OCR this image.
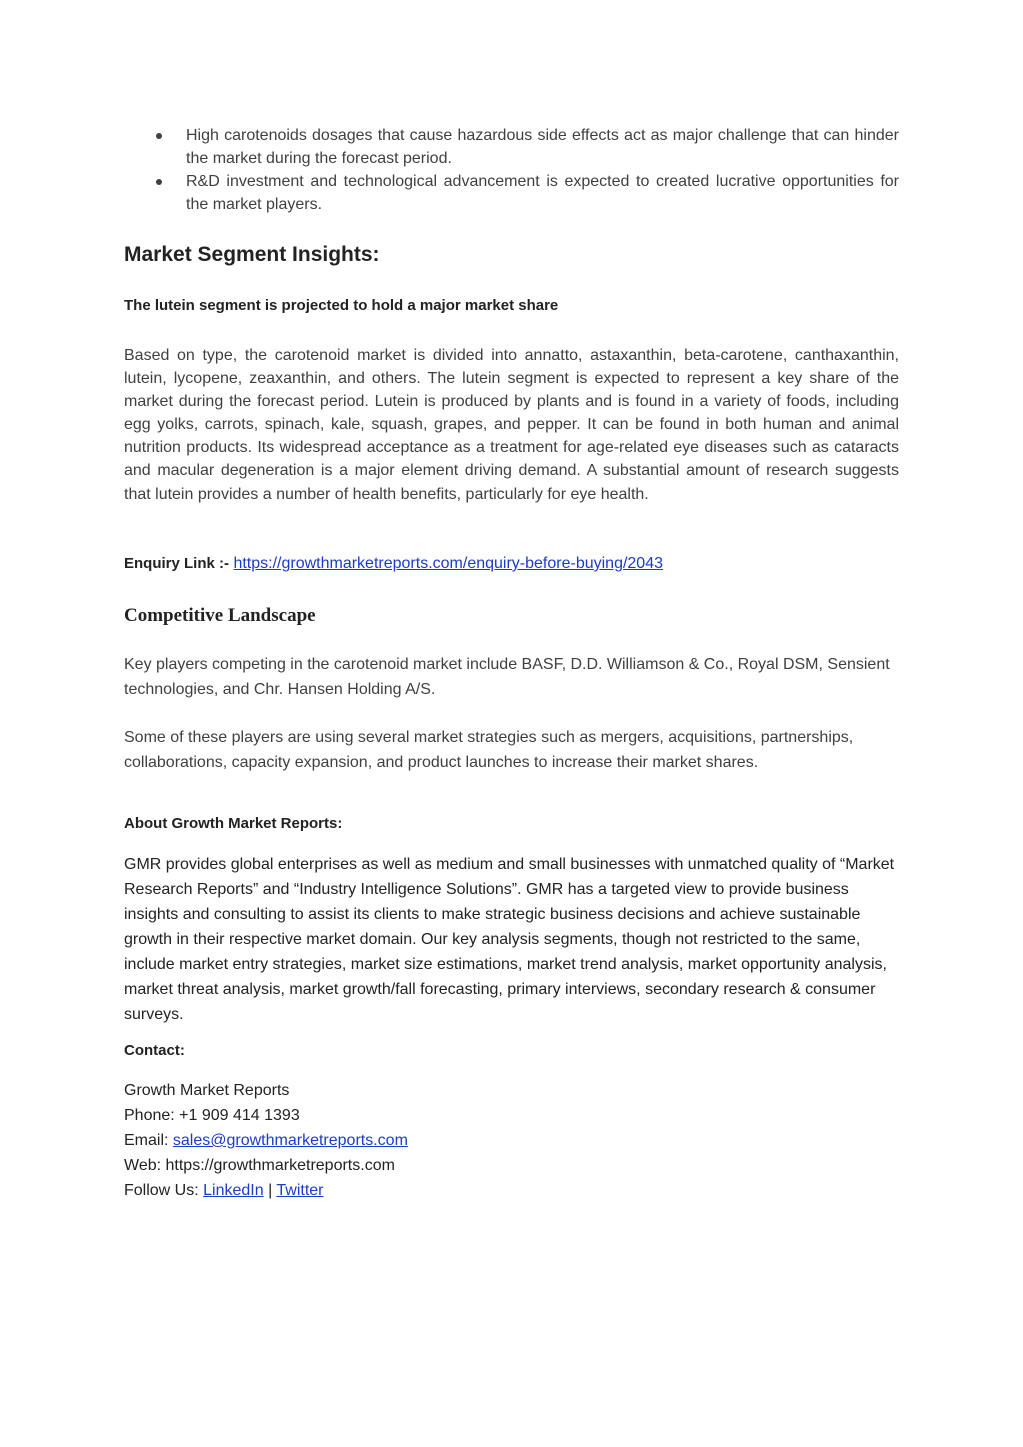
High carotenoids dosages that cause hazardous side effects act as major challenge that can hinder the market during the forecast period.
R&D investment and technological advancement is expected to created lucrative opportunities for the market players.
Market Segment Insights:

The lutein segment is projected to hold a major market share

Based on type, the carotenoid market is divided into annatto, astaxanthin, beta-carotene, canthaxanthin, lutein, lycopene, zeaxanthin, and others. The lutein segment is expected to represent a key share of the market during the forecast period. Lutein is produced by plants and is found in a variety of foods, including egg yolks, carrots, spinach, kale, squash, grapes, and pepper. It can be found in both human and animal nutrition products. Its widespread acceptance as a treatment for age-related eye diseases such as cataracts and macular degeneration is a major element driving demand. A substantial amount of research suggests that lutein provides a number of health benefits, particularly for eye health.

Enquiry Link :- https://growthmarketreports.com/enquiry-before-buying/2043

Competitive Landscape

Key players competing in the carotenoid market include BASF, D.D. Williamson & Co., Royal DSM, Sensient technologies, and Chr. Hansen Holding A/S.

Some of these players are using several market strategies such as mergers, acquisitions, partnerships, collaborations, capacity expansion, and product launches to increase their market shares.

About Growth Market Reports:

GMR provides global enterprises as well as medium and small businesses with unmatched quality of “Market Research Reports” and “Industry Intelligence Solutions”. GMR has a targeted view to provide business insights and consulting to assist its clients to make strategic business decisions and achieve sustainable growth in their respective market domain. Our key analysis segments, though not restricted to the same, include market entry strategies, market size estimations, market trend analysis, market opportunity analysis, market threat analysis, market growth/fall forecasting, primary interviews, secondary research & consumer surveys.

Contact:

Growth Market Reports
Phone: +1 909 414 1393
Email: sales@growthmarketreports.com
Web: https://growthmarketreports.com
Follow Us: LinkedIn | Twitter
